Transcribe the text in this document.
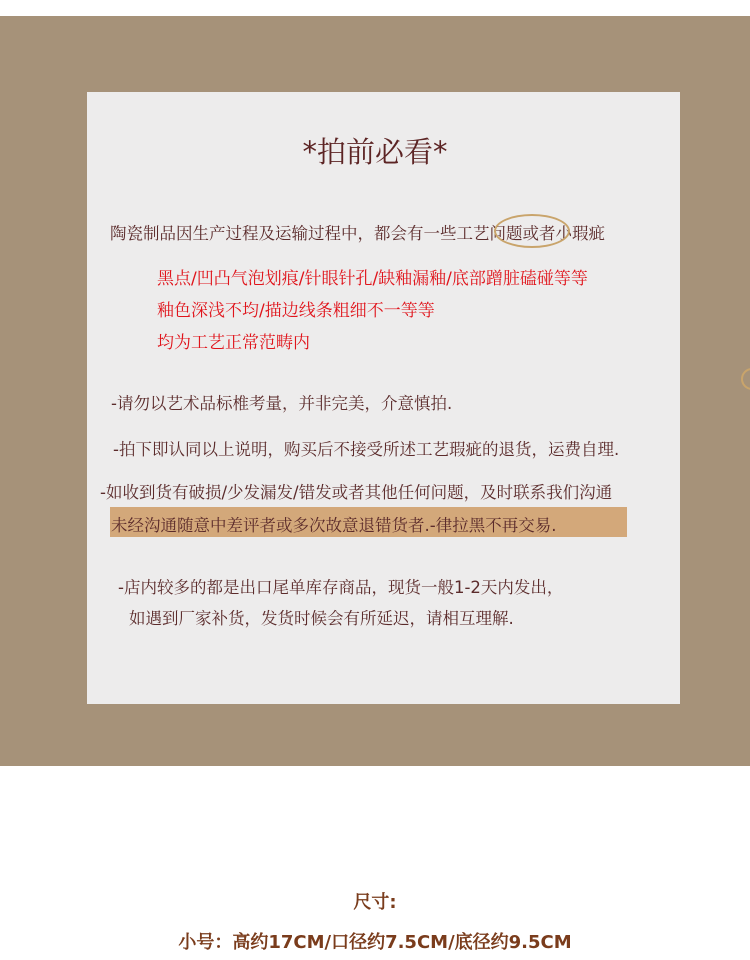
*拍前必看*
陶瓷制品因生产过程及运输过程中，都会有一些工艺问题或者小瑕疵
黑点/凹凸气泡划痕/针眼针孔/缺釉漏釉/底部蹭脏磕碰等等
釉色深浅不均/描边线条粗细不一等等
均为工艺正常范畴内
-请勿以艺术品标椎考量，并非完美，介意慎拍.
-拍下即认同以上说明，购买后不接受所述工艺瑕疵的退货，运费自理.
-如收到货有破损/少发漏发/错发或者其他任何问题，及时联系我们沟通
未经沟通随意中差评者或多次故意退错货者.-律拉黑不再交易.
-店内较多的都是出口尾单库存商品，现货一般1-2天内发出，
如遇到厂家补货，发货时候会有所延迟，请相互理解.
尺寸:
小号：高约17CM/口径约7.5CM/底径约9.5CM
